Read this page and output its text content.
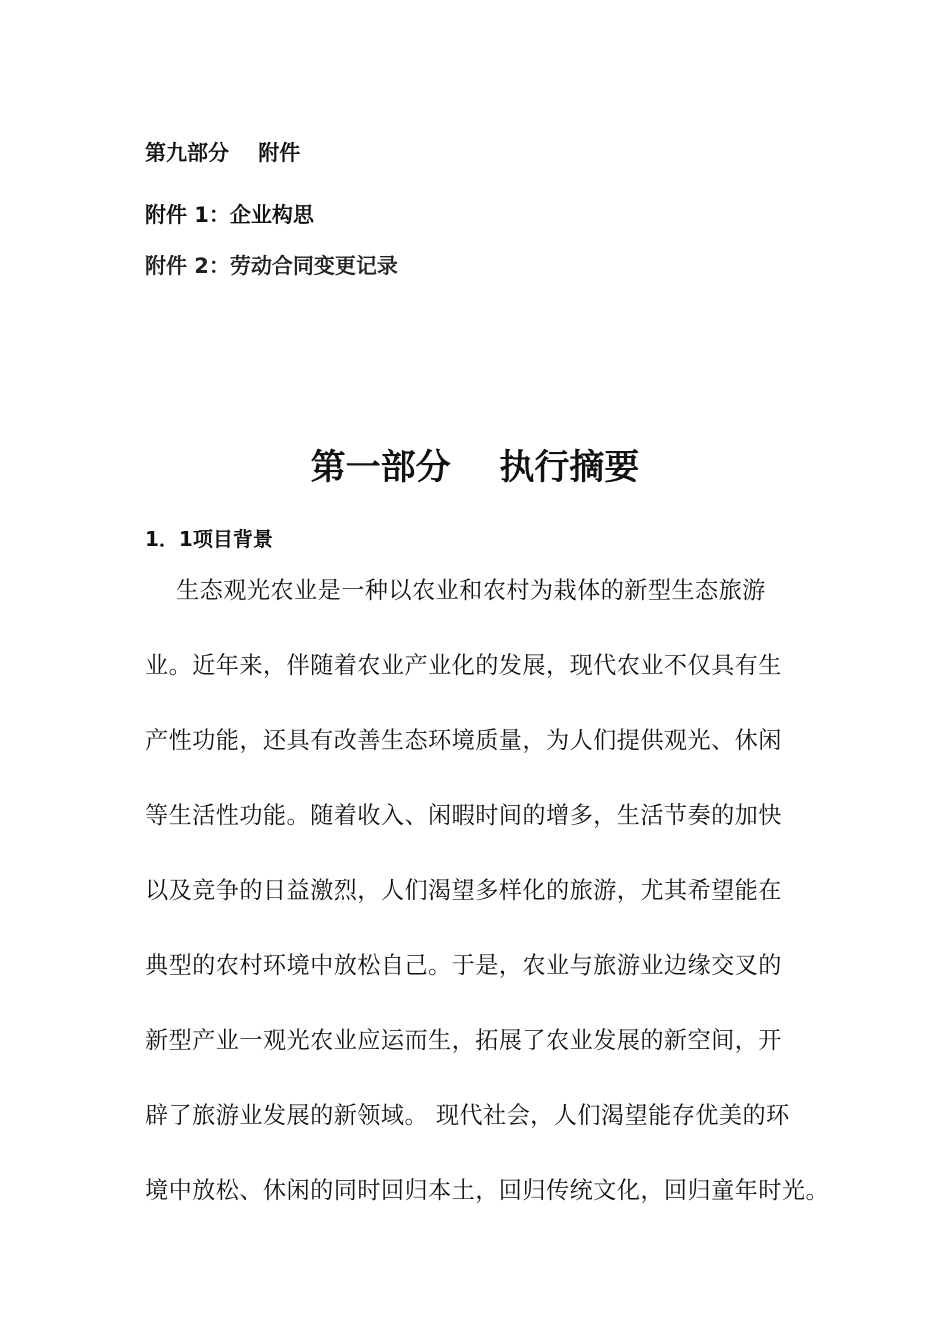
第九部分    附件
附件 1：企业构思
附件 2：劳动合同变更记录
第一部分    执行摘要
1．1项目背景
生态观光农业是一种以农业和农村为栽体的新型生态旅游
业。近年来，伴随着农业产业化的发展，现代农业不仅具有生
产性功能，还具有改善生态环境质量，为人们提供观光、休闲
等生活性功能。随着收入、闲暇时间的增多，生活节奏的加快
以及竞争的日益激烈，人们渴望多样化的旅游，尤其希望能在
典型的农村环境中放松自己。于是，农业与旅游业边缘交叉的
新型产业一观光农业应运而生，拓展了农业发展的新空间，开
辟了旅游业发展的新领域。 现代社会，人们渴望能存优美的环
境中放松、休闲的同时回归本土，回归传统文化，回归童年时光。
